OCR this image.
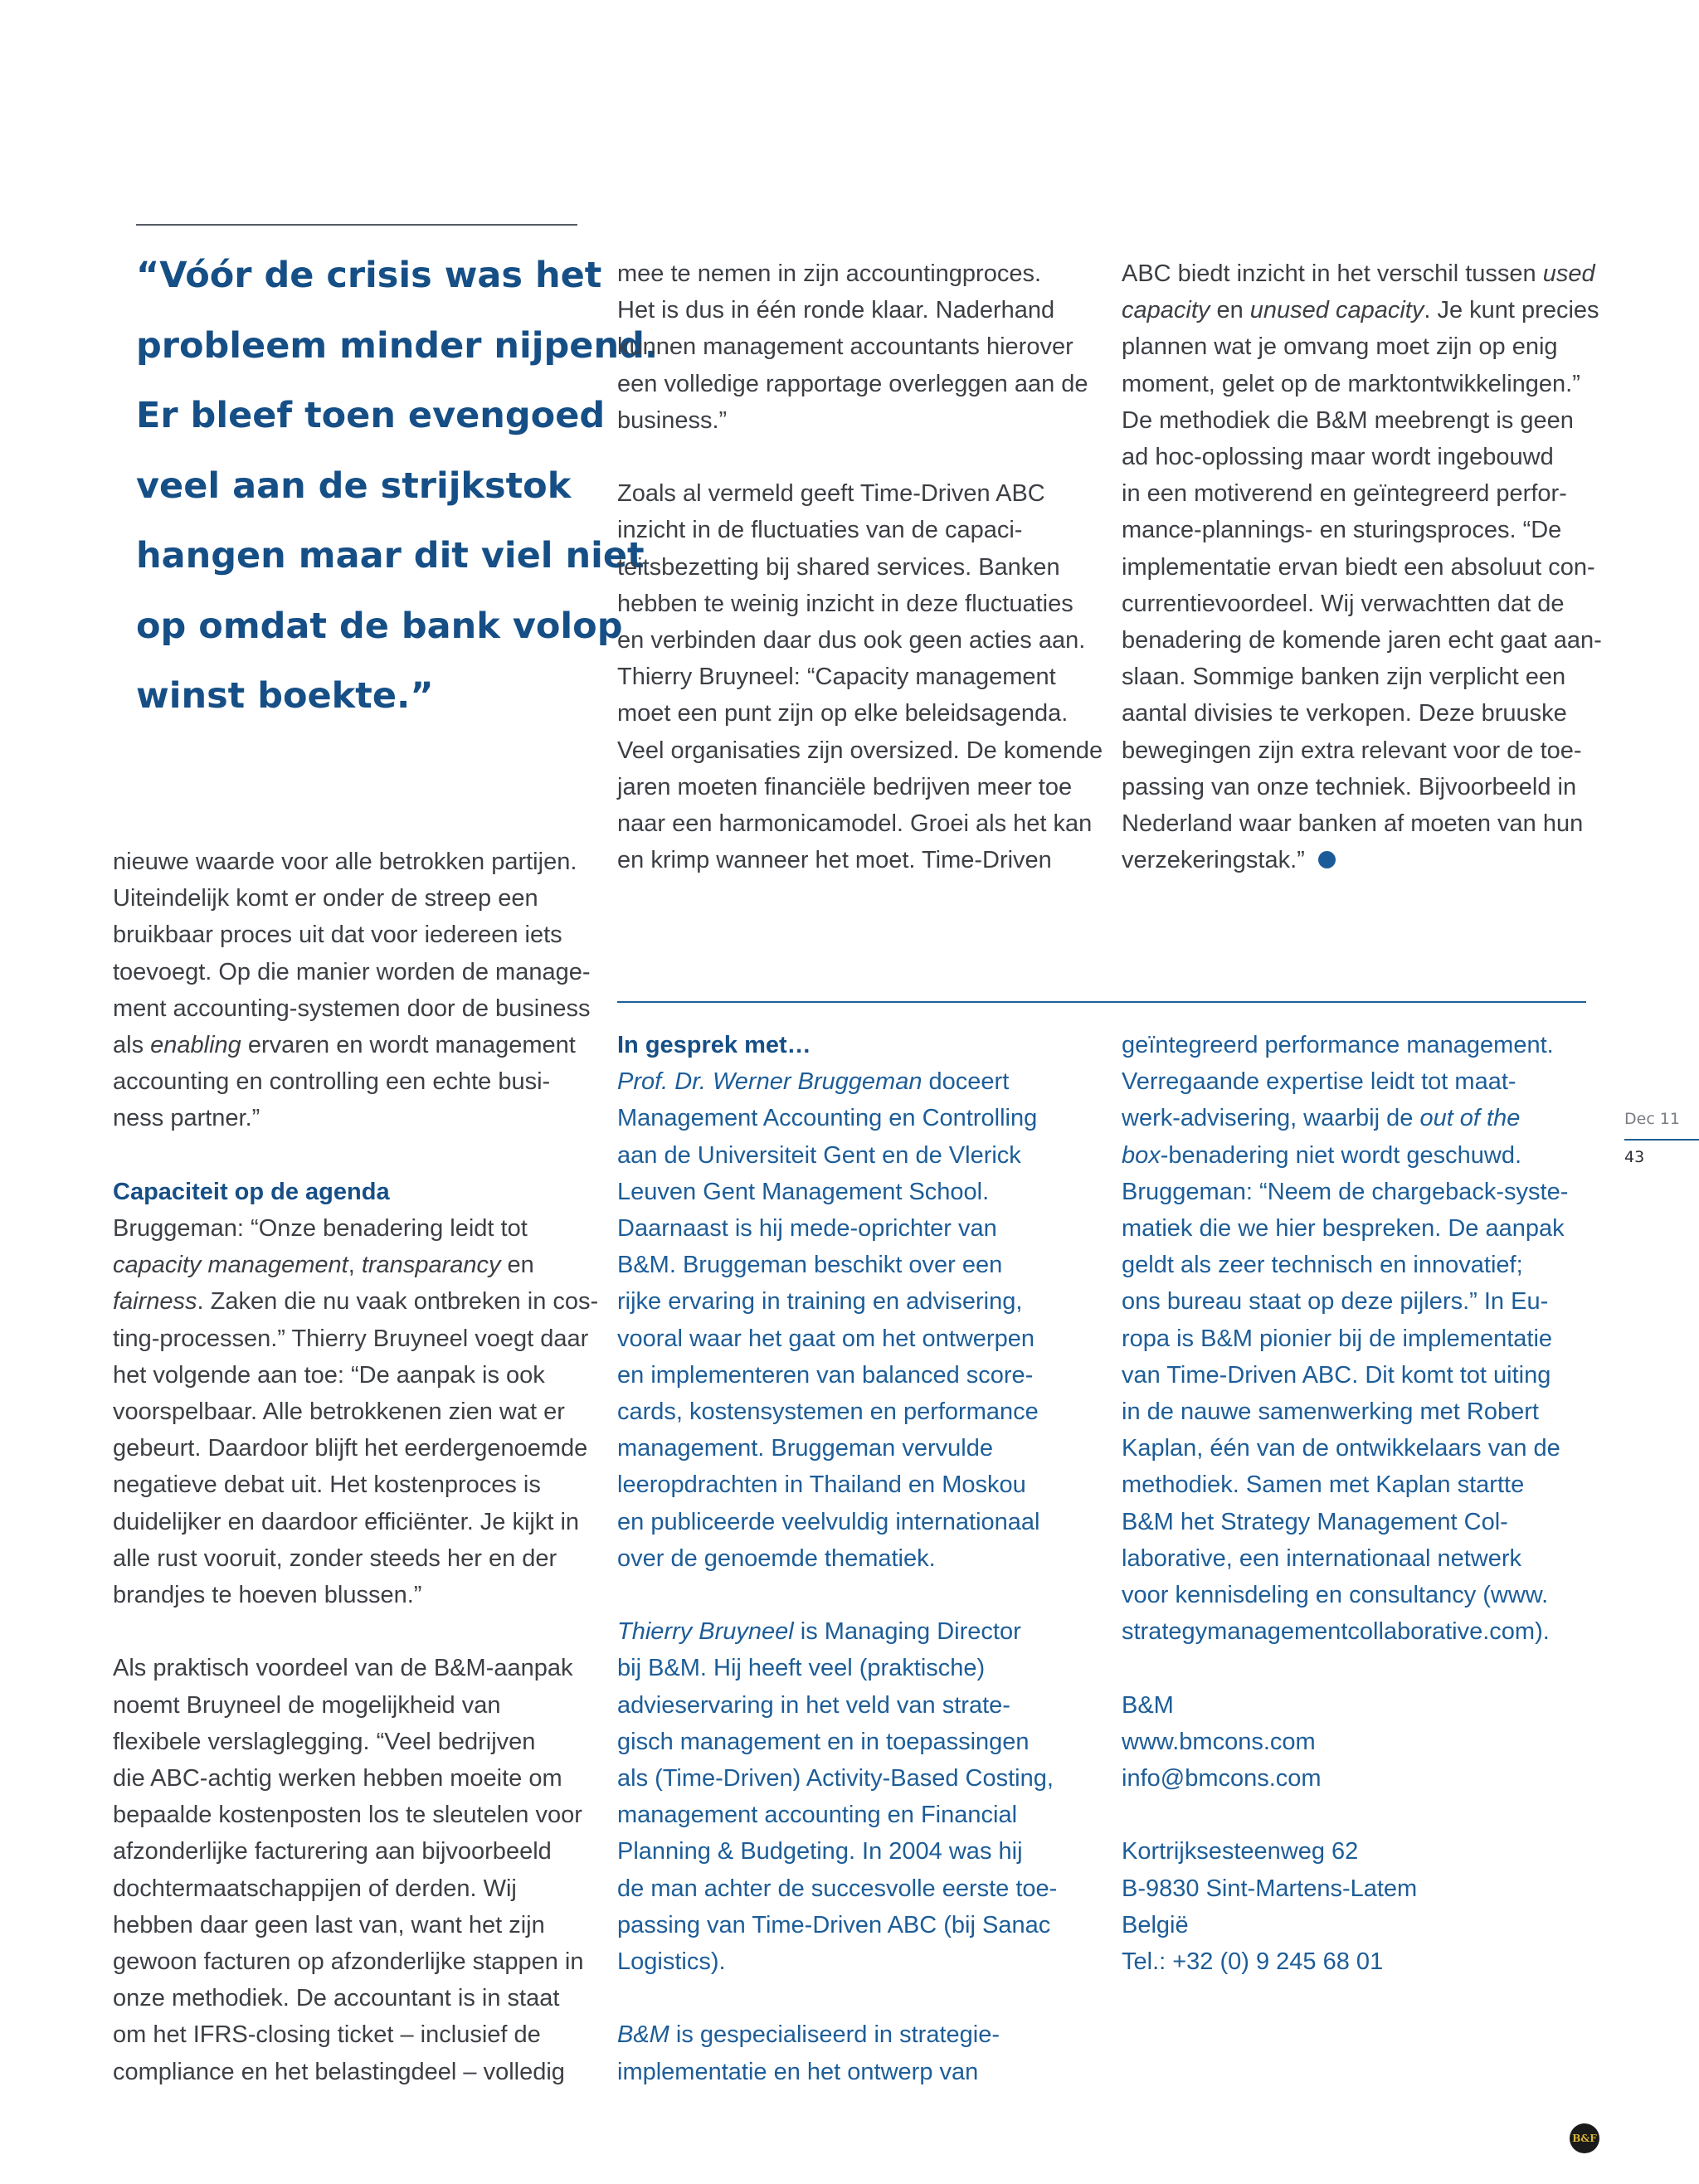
“Vóór de crisis was het

probleem minder nijpend.

Er bleef toen evengoed

veel aan de strijkstok

hangen maar dit viel niet

op omdat de bank volop

winst boekte.”

nieuwe waarde voor alle betrokken partijen.

Uiteindelijk komt er onder de streep een

bruikbaar proces uit dat voor iedereen iets

toevoegt. Op die manier worden de manage-

ment accounting-systemen door de business

als enabling ervaren en wordt management

accounting en controlling een echte busi-

ness partner.”

Capaciteit op de agenda

Bruggeman: “Onze benadering leidt tot

capacity management, transparancy en

fairness. Zaken die nu vaak ontbreken in cos-

ting-processen.” Thierry Bruyneel voegt daar

het volgende aan toe: “De aanpak is ook

voorspelbaar. Alle betrokkenen zien wat er

gebeurt. Daardoor blijft het eerdergenoemde

negatieve debat uit. Het kostenproces is

duidelijker en daardoor efficiënter. Je kijkt in

alle rust vooruit, zonder steeds her en der

brandjes te hoeven blussen.”

Als praktisch voordeel van de B&M-aanpak

noemt Bruyneel de mogelijkheid van

flexibele verslaglegging. “Veel bedrijven

die ABC-achtig werken hebben moeite om

bepaalde kostenposten los te sleutelen voor

afzonderlijke facturering aan bijvoorbeeld

dochtermaatschappijen of derden. Wij

hebben daar geen last van, want het zijn

gewoon facturen op afzonderlijke stappen in

onze methodiek. De accountant is in staat

om het IFRS-closing ticket – inclusief de

compliance en het belastingdeel – volledig

mee te nemen in zijn accountingproces.

Het is dus in één ronde klaar. Naderhand

kunnen management accountants hierover

een volledige rapportage overleggen aan de

business.”

Zoals al vermeld geeft Time-Driven ABC

inzicht in de fluctuaties van de capaci-

teitsbezetting bij shared services. Banken

hebben te weinig inzicht in deze fluctuaties

en verbinden daar dus ook geen acties aan.

Thierry Bruyneel: “Capacity management

moet een punt zijn op elke beleidsagenda.

Veel organisaties zijn oversized. De komende

jaren moeten financiële bedrijven meer toe

naar een harmonicamodel. Groei als het kan

en krimp wanneer het moet. Time-Driven

ABC biedt inzicht in het verschil tussen used

capacity en unused capacity. Je kunt precies

plannen wat je omvang moet zijn op enig

moment, gelet op de marktontwikkelingen.”

De methodiek die B&M meebrengt is geen

ad hoc-oplossing maar wordt ingebouwd

in een motiverend en geïntegreerd perfor-

mance-plannings- en sturingsproces. “De

implementatie ervan biedt een absoluut con-

currentievoordeel. Wij verwachtten dat de

benadering de komende jaren echt gaat aan-

slaan. Sommige banken zijn verplicht een

aantal divisies te verkopen. Deze bruuske

bewegingen zijn extra relevant voor de toe-

passing van onze techniek. Bijvoorbeeld in

Nederland waar banken af moeten van hun

verzekeringstak.”

In gesprek met…

Prof. Dr. Werner Bruggeman doceert

Management Accounting en Controlling

aan de Universiteit Gent en de Vlerick

Leuven Gent Management School.

Daarnaast is hij mede-oprichter van

B&M. Bruggeman beschikt over een

rijke ervaring in training en advisering,

vooral waar het gaat om het ontwerpen

en implementeren van balanced score-

cards, kostensystemen en performance

management. Bruggeman vervulde

leeropdrachten in Thailand en Moskou

en publiceerde veelvuldig internationaal

over de genoemde thematiek.

Thierry Bruyneel is Managing Director

bij B&M. Hij heeft veel (praktische)

advieservaring in het veld van strate-

gisch management en in toepassingen

als (Time-Driven) Activity-Based Costing,

management accounting en Financial

Planning & Budgeting. In 2004 was hij

de man achter de succesvolle eerste toe-

passing van Time-Driven ABC (bij Sanac

Logistics).

B&M is gespecialiseerd in strategie-

implementatie en het ontwerp van

geïntegreerd performance management.

Verregaande expertise leidt tot maat-

werk-advisering, waarbij de out of the

box-benadering niet wordt geschuwd.

Bruggeman: “Neem de chargeback-syste-

matiek die we hier bespreken. De aanpak

geldt als zeer technisch en innovatief;

ons bureau staat op deze pijlers.” In Eu-

ropa is B&M pionier bij de implementatie

van Time-Driven ABC. Dit komt tot uiting

in de nauwe samenwerking met Robert

Kaplan, één van de ontwikkelaars van de

methodiek. Samen met Kaplan startte

B&M het Strategy Management Col-

laborative, een internationaal netwerk

voor kennisdeling en consultancy (www.

strategymanagementcollaborative.com).

B&M

www.bmcons.com

info@bmcons.com

Kortrijksesteenweg 62

B-9830 Sint-Martens-Latem

België

Tel.: +32 (0) 9 245 68 01

Dec 11
43
B&F
